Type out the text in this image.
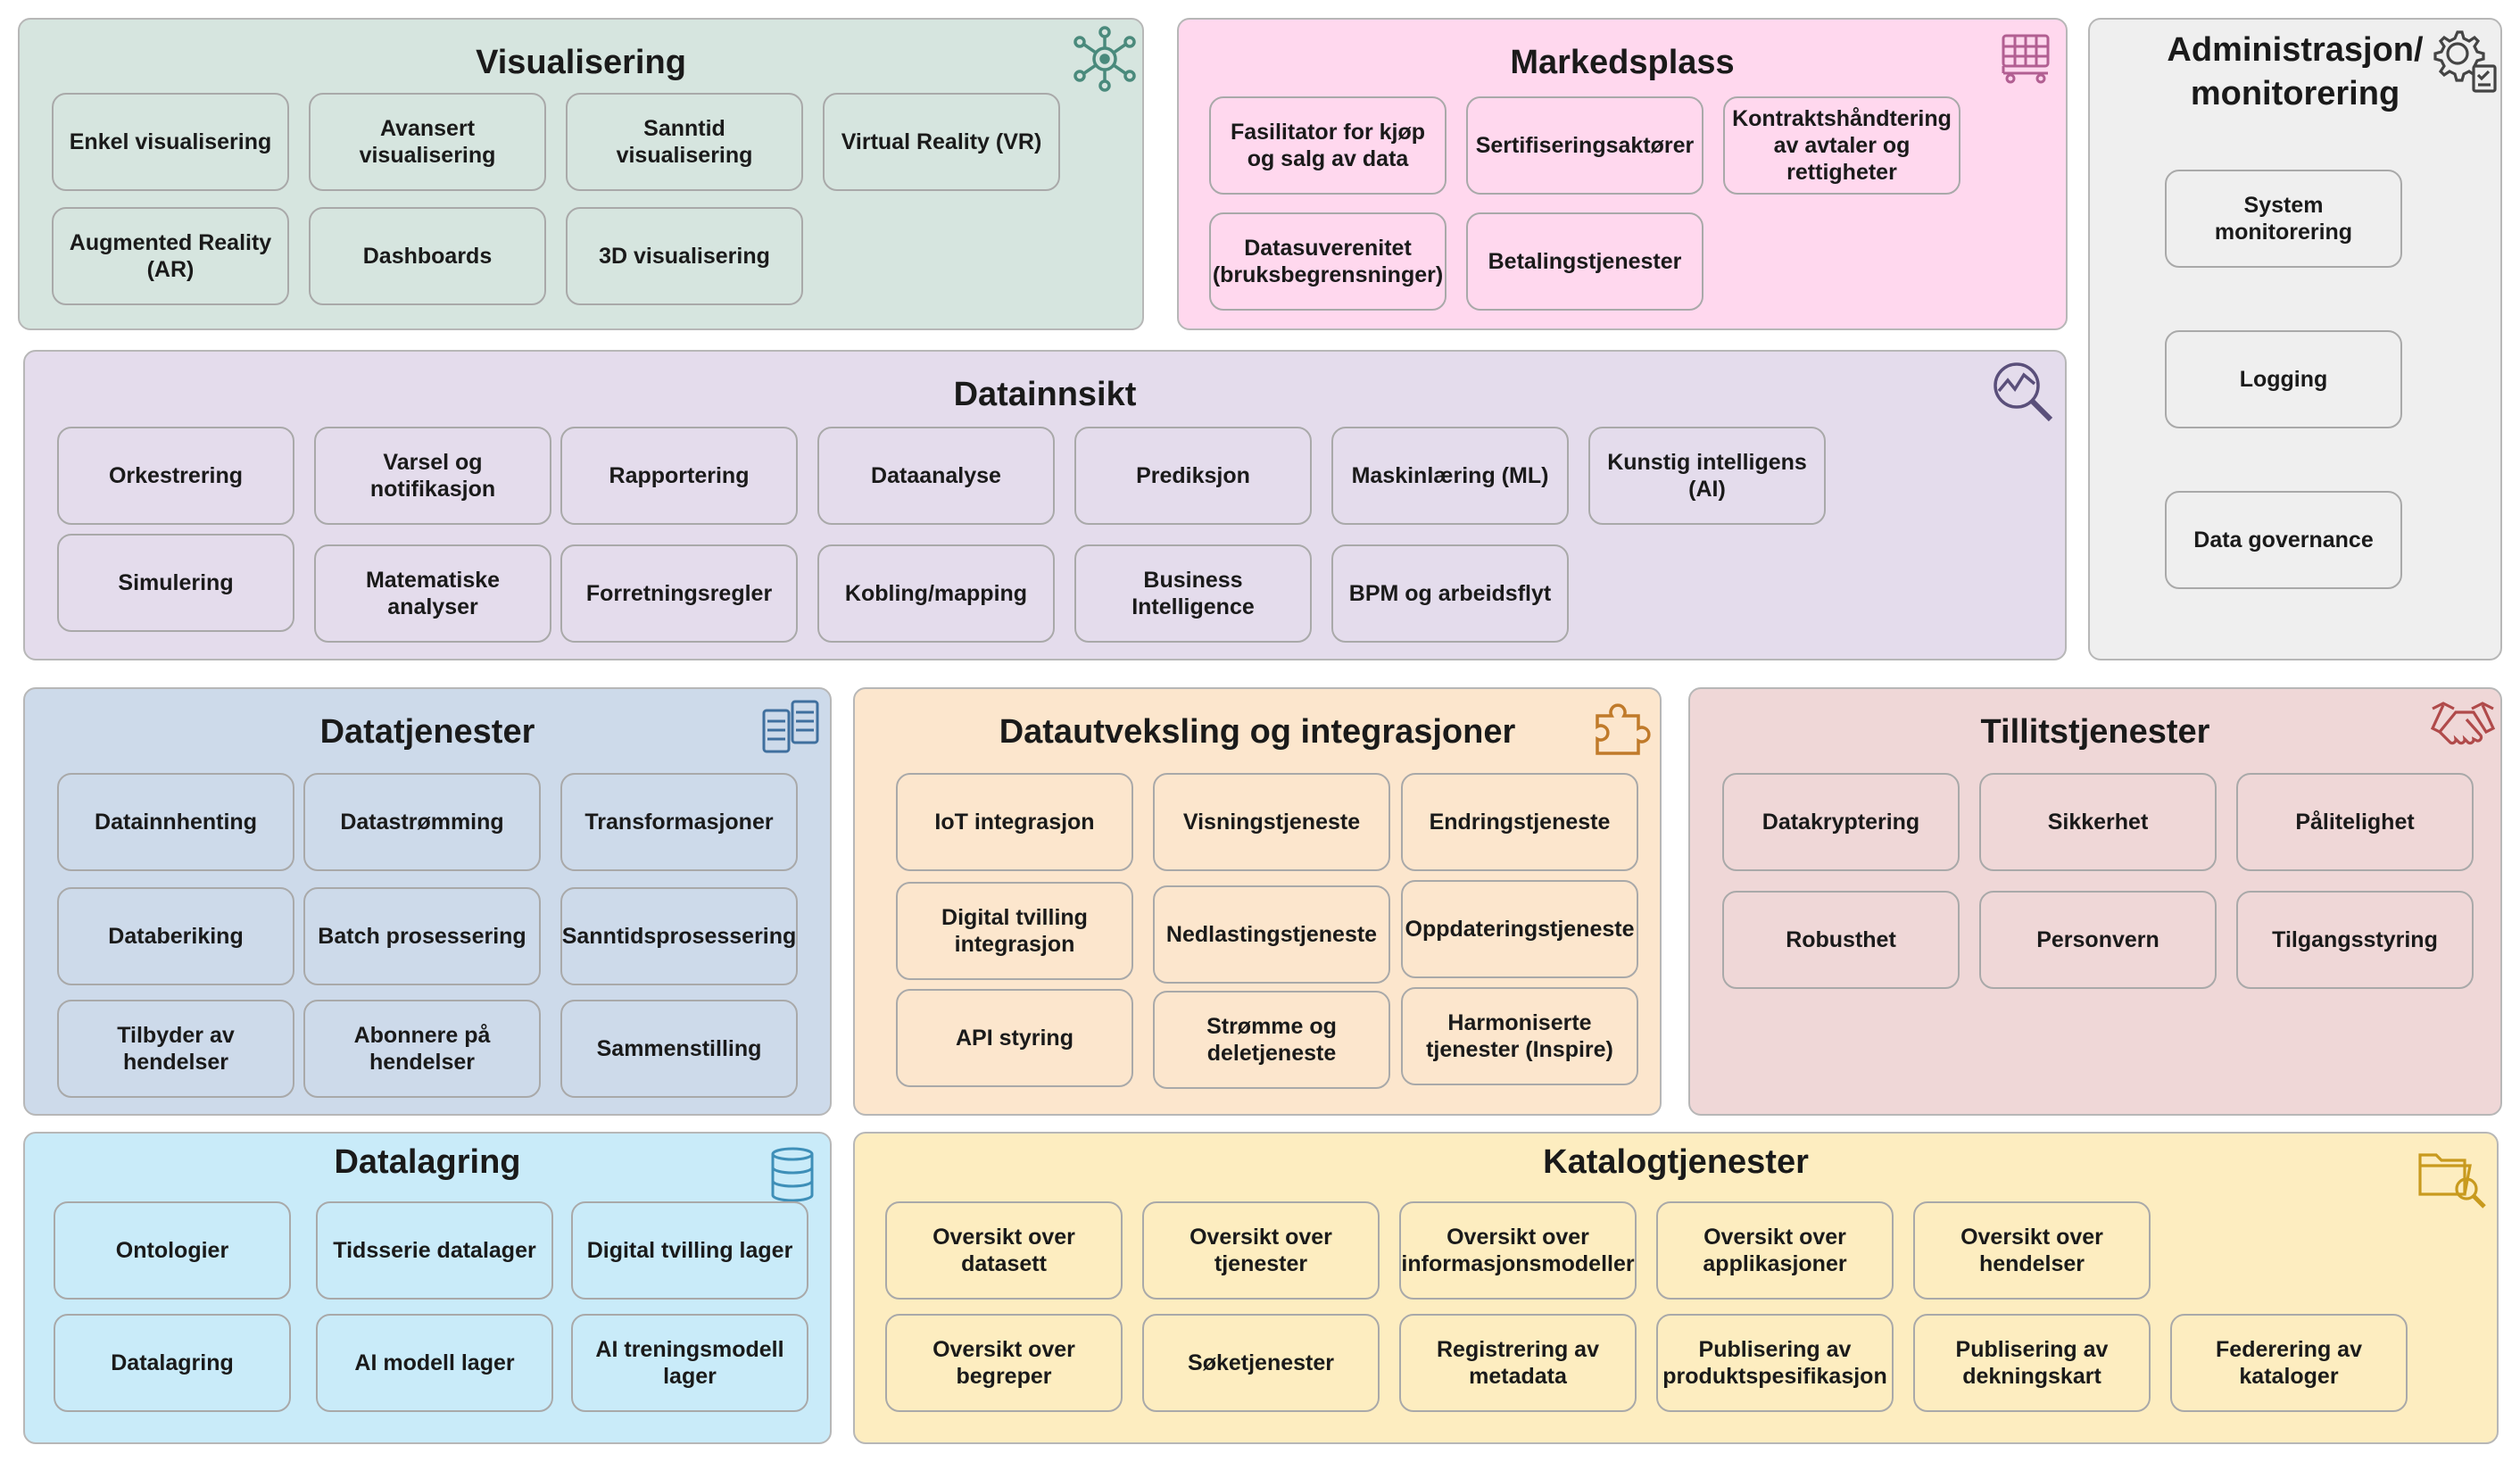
Visualisering
Enkel visualisering
Avansert visualisering
Sanntid visualisering
Virtual Reality (VR)
Augmented Reality (AR)
Dashboards	3D visualisering
Markedsplass
Fasilitator for kjøp og salg av data
Sertifiseringsaktører
Kontraktshåndtering av avtaler og rettigheter
Datasuverenitet (bruksbegrensninger)
Betalingstjenester
Administrasjon/ monitorering
System monitorering
Logging
Data governance
Datainnsikt
Orkestrering
Varsel og notifikasjon
Rapportering	Dataanalyse	Prediksjon	Maskinlæring (ML)
Kunstig intelligens (AI)
Simulering	Matematiske analyser
Forretningsregler	Kobling/mapping
Business Intelligence
BPM og arbeidsflyt
Datatjenester
Datainnhenting	Datastrømming	Transformasjoner
Databeriking	Batch prosessering	Sanntidsprosessering
Tilbyder av hendelser
Abonnere på hendelser
Sammenstilling
Datautveksling og integrasjoner
IoT integrasjon	Visningstjeneste	Endringstjeneste
Digital tvilling integrasjon	Nedlastingstjeneste	Oppdateringstjeneste
API styring	Strømme og deletjeneste
Harmoniserte tjenester (Inspire)
Tillitstjenester
Datakryptering	Sikkerhet	Pålitelighet
Robusthet	Personvern	Tilgangsstyring
Datalagring
Ontologier	Tidsserie datalager	Digital tvilling lager
Datalagring	AI modell lager
AI treningsmodell lager
Katalogtjenester
Oversikt over datasett
Oversikt over tjenester
Oversikt over informasjonsmodeller
Oversikt over applikasjoner
Oversikt over hendelser
Oversikt over begreper
Søketjenester
Registrering av metadata
Publisering av produktspesifikasjon
Publisering av dekningskart
Federering av kataloger
